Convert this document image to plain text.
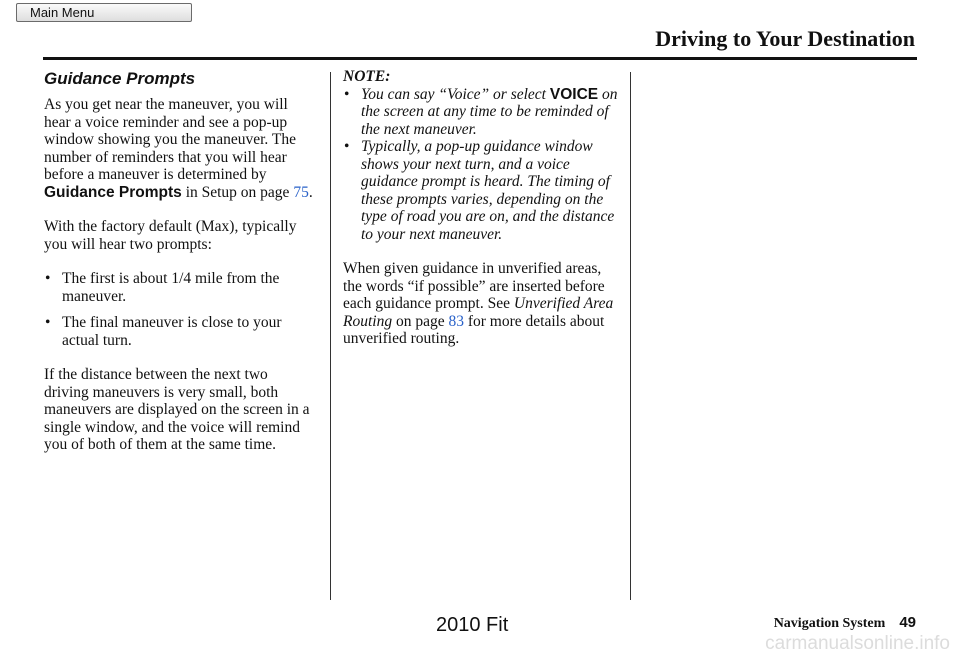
Main Menu
Driving to Your Destination
Guidance Prompts

As you get near the maneuver, you will hear a voice reminder and see a pop-up window showing you the maneuver. The number of reminders that you will hear before a maneuver is determined by Guidance Prompts in Setup on page 75.

With the factory default (Max), typically you will hear two prompts:

• The first is about 1/4 mile from the maneuver.
• The final maneuver is close to your actual turn.

If the distance between the next two driving maneuvers is very small, both maneuvers are displayed on the screen in a single window, and the voice will remind you of both of them at the same time.

NOTE:
• You can say “Voice” or select VOICE on the screen at any time to be reminded of the next maneuver.
• Typically, a pop-up guidance window shows your next turn, and a voice guidance prompt is heard. The timing of these prompts varies, depending on the type of road you are on, and the distance to your next maneuver.

When given guidance in unverified areas, the words “if possible” are inserted before each guidance prompt. See Unverified Area Routing on page 83 for more details about unverified routing.

2010 Fit	Navigation System 49
carmanualsonline.info
